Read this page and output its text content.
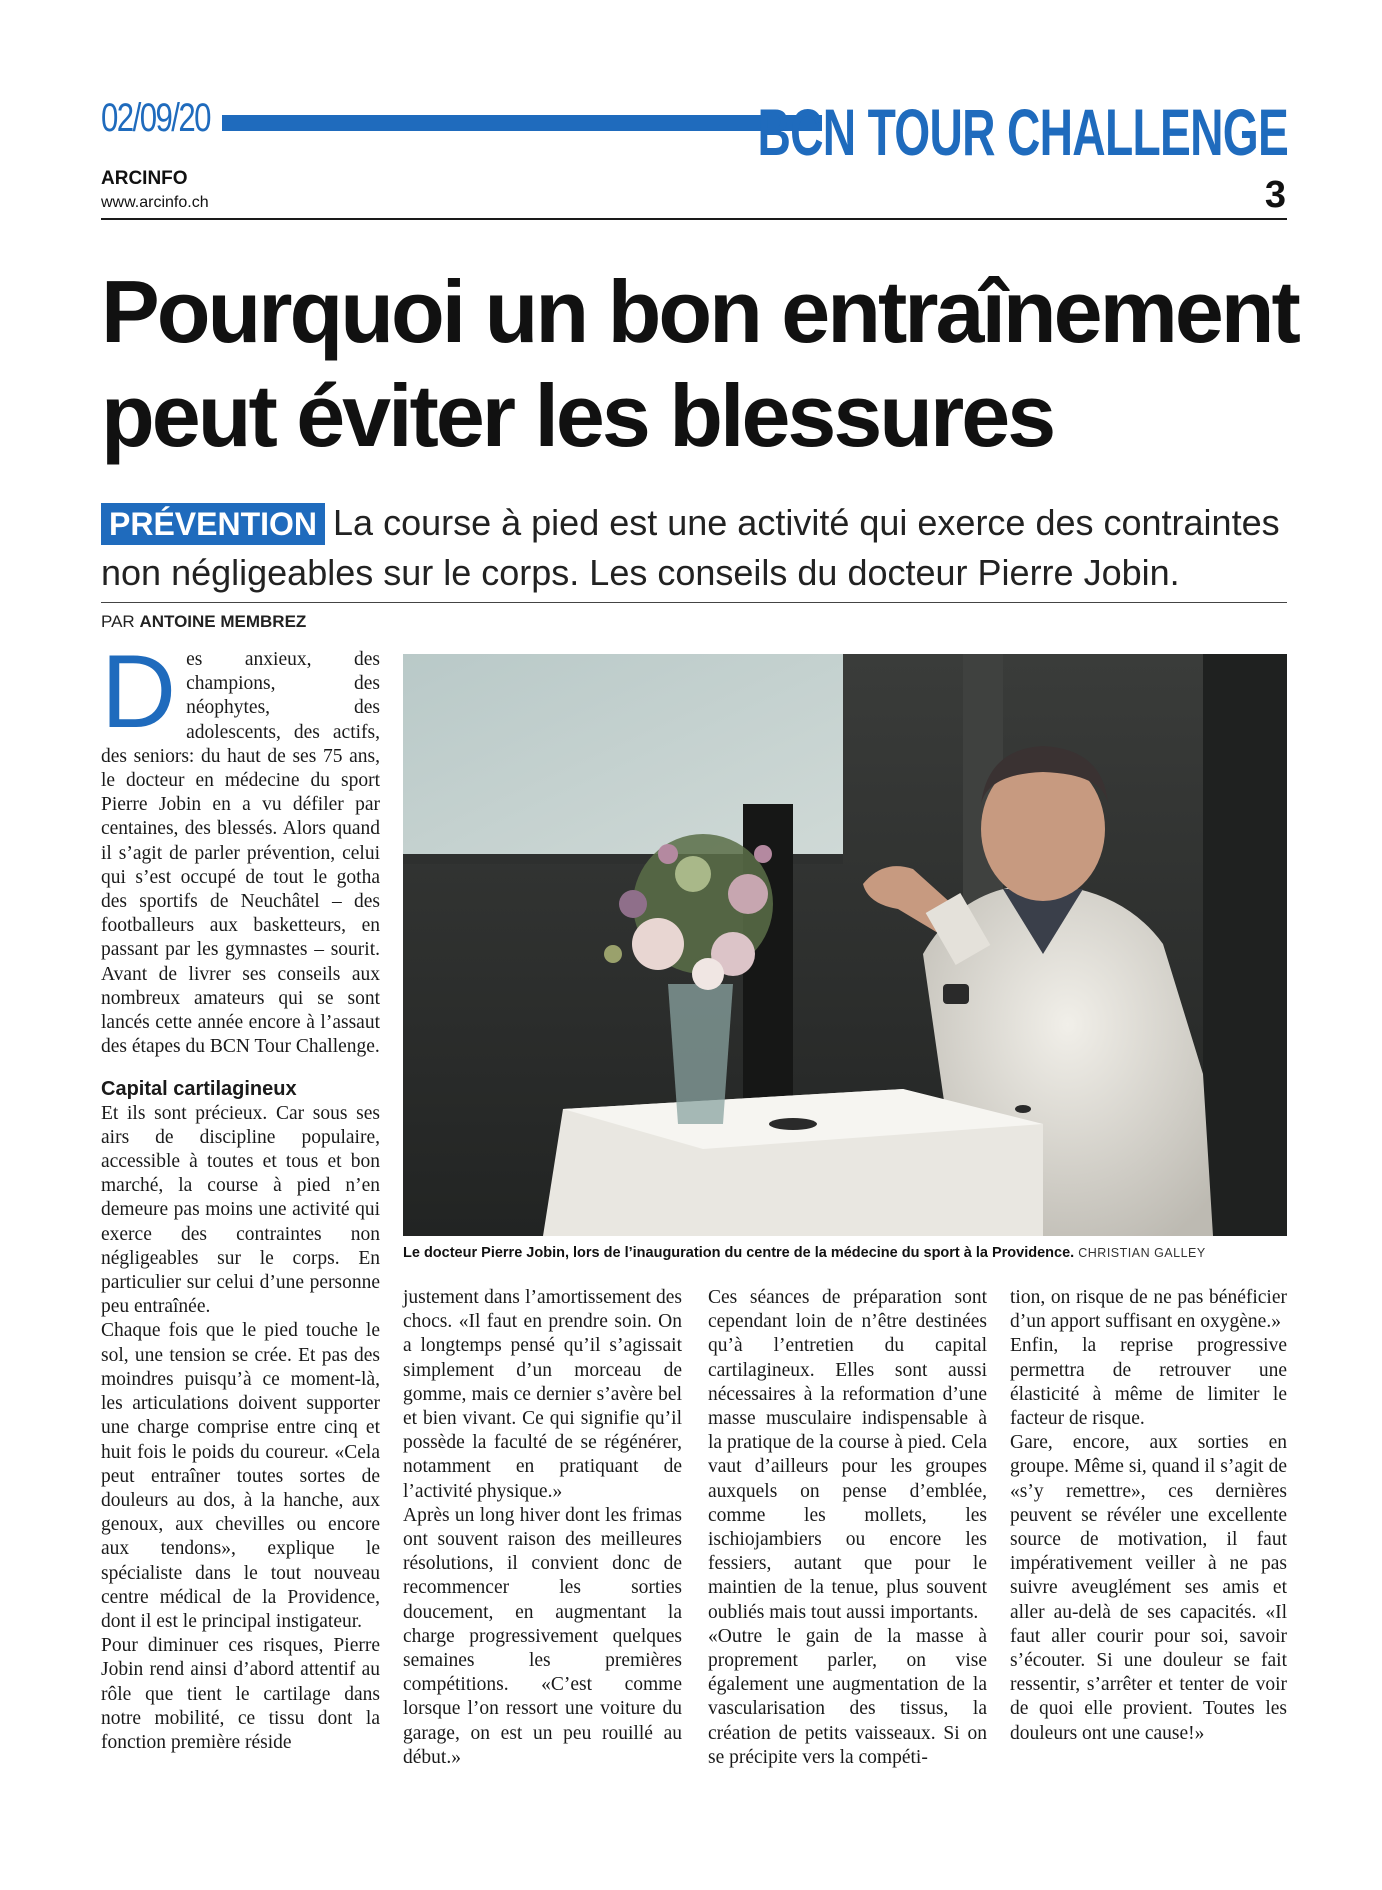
02/09/20	BCN TOUR CHALLENGE
ARCINFO
www.arcinfo.ch	3
Pourquoi un bon entraînement peut éviter les blessures
PRÉVENTION La course à pied est une activité qui exerce des contraintes non négligeables sur le corps. Les conseils du docteur Pierre Jobin.
PAR ANTOINE MEMBREZ

Des anxieux, des champions, des néophytes, des adolescents, des actifs, des seniors: du haut de ses 75 ans, le docteur en médecine du sport Pierre Jobin en a vu défiler par centaines, des blessés. Alors quand il s’agit de parler prévention, celui qui s’est occupé de tout le gotha des sportifs de Neuchâtel – des footballeurs aux basketteurs, en passant par les gymnastes – sourit. Avant de livrer ses conseils aux nombreux amateurs qui se sont lancés cette année encore à l’assaut des étapes du BCN Tour Challenge.

Capital cartilagineux

Et ils sont précieux. Car sous ses airs de discipline populaire, accessible à toutes et tous et bon marché, la course à pied n’en demeure pas moins une activité qui exerce des contraintes non négligeables sur le corps. En particulier sur celui d’une personne peu entraînée.

Chaque fois que le pied touche le sol, une tension se crée. Et pas des moindres puisqu’à ce moment-là, les articulations doivent supporter une charge comprise entre cinq et huit fois le poids du coureur. «Cela peut entraîner toutes sortes de douleurs au dos, à la hanche, aux genoux, aux chevilles ou encore aux tendons», explique le spécialiste dans le tout nouveau centre médical de la Providence, dont il est le principal instigateur.

Pour diminuer ces risques, Pierre Jobin rend ainsi d’abord attentif au rôle que tient le cartilage dans notre mobilité, ce tissu dont la fonction première réside

Le docteur Pierre Jobin, lors de l’inauguration du centre de la médecine du sport à la Providence. CHRISTIAN GALLEY

justement dans l’amortissement des chocs. «Il faut en prendre soin. On a longtemps pensé qu’il s’agissait simplement d’un morceau de gomme, mais ce dernier s’avère bel et bien vivant. Ce qui signifie qu’il possède la faculté de se régénérer, notamment en pratiquant de l’activité physique.»

Après un long hiver dont les frimas ont souvent raison des meilleures résolutions, il convient donc de recommencer les sorties doucement, en augmentant la charge progressivement quelques semaines les premières compétitions. «C’est comme lorsque l’on ressort une voiture du garage, on est un peu rouillé au début.»

Ces séances de préparation sont cependant loin de n’être destinées qu’à l’entretien du capital cartilagineux. Elles sont aussi nécessaires à la reformation d’une masse musculaire indispensable à la pratique de la course à pied. Cela vaut d’ailleurs pour les groupes auxquels on pense d’emblée, comme les mollets, les ischiojambiers ou encore les fessiers, autant que pour le maintien de la tenue, plus souvent oubliés mais tout aussi importants.

«Outre le gain de la masse à proprement parler, on vise également une augmentation de la vascularisation des tissus, la création de petits vaisseaux. Si on se précipite vers la compéti-

tion, on risque de ne pas bénéficier d’un apport suffisant en oxygène.»

Enfin, la reprise progressive permettra de retrouver une élasticité à même de limiter le facteur de risque.

Gare, encore, aux sorties en groupe. Même si, quand il s’agit de «s’y remettre», ces dernières peuvent se révéler une excellente source de motivation, il faut impérativement veiller à ne pas suivre aveuglément ses amis et aller au-delà de ses capacités. «Il faut aller courir pour soi, savoir s’écouter. Si une douleur se fait ressentir, s’arrêter et tenter de voir de quoi elle provient. Toutes les douleurs ont une cause!»
